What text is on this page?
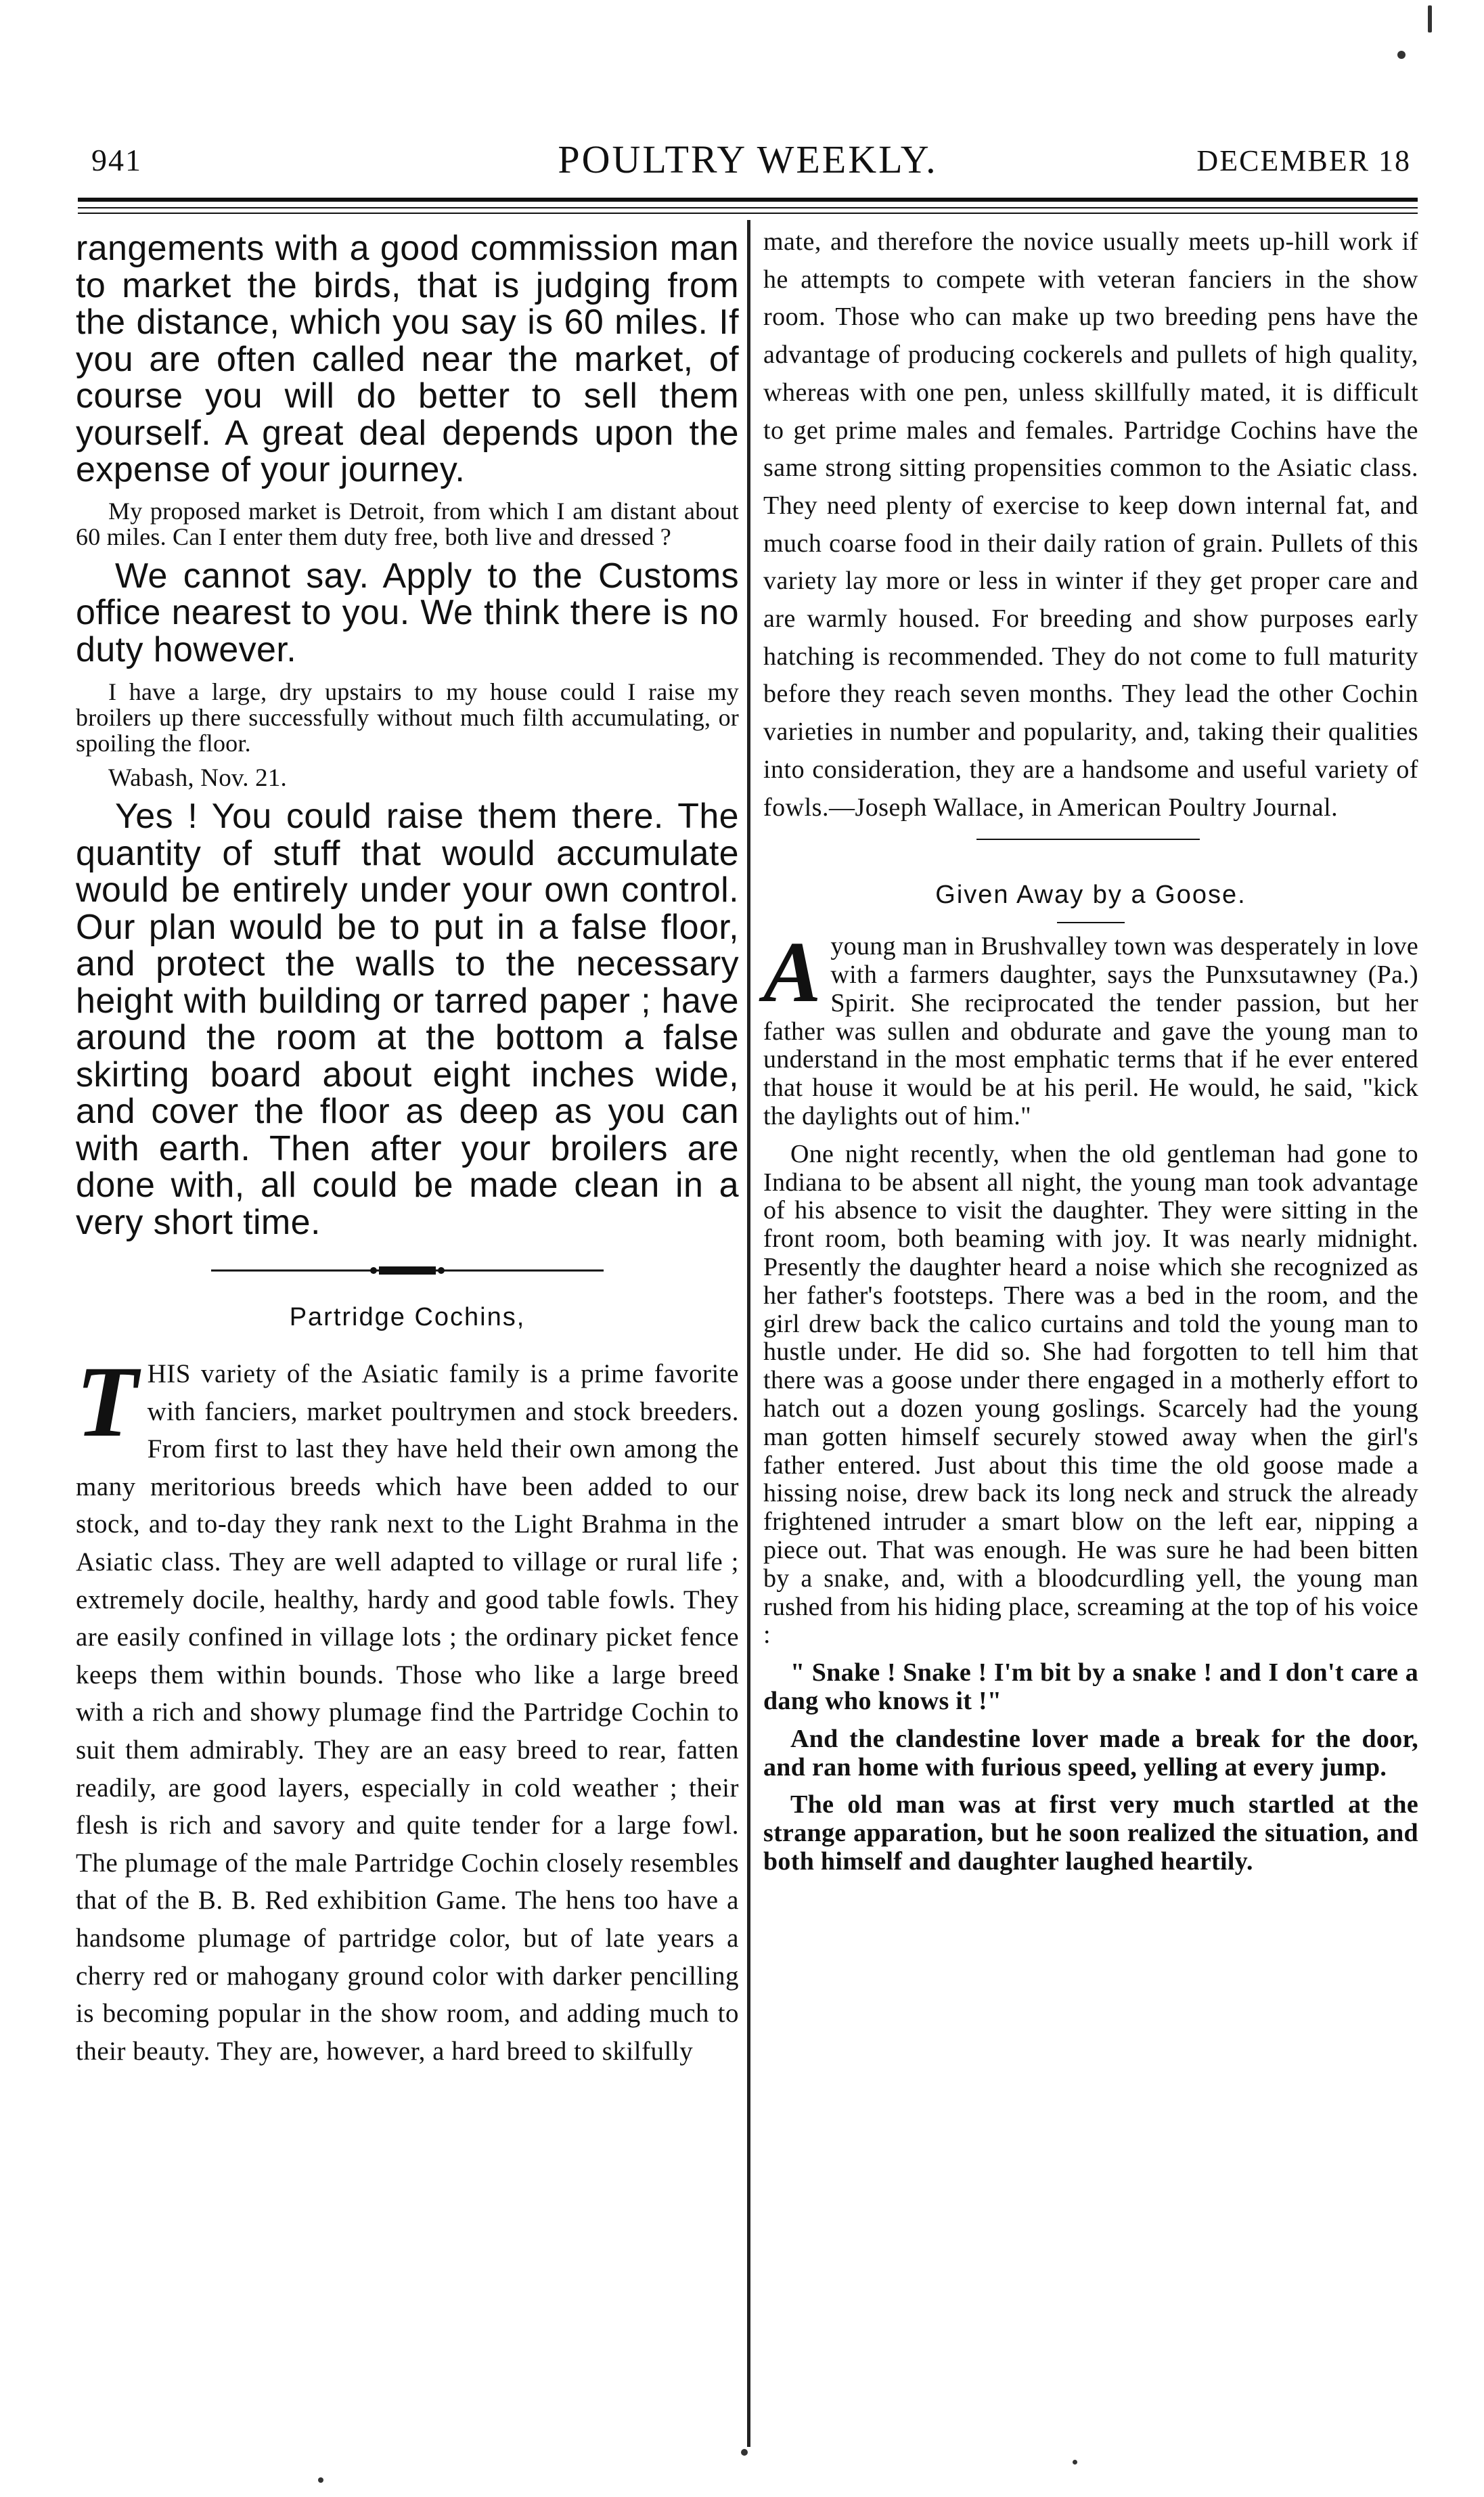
941	POULTRY WEEKLY.	DECEMBER 18

rangements with a good commission man to market the birds, that is judging from the distance, which you say is 60 miles. If you are often called near the market, of course you will do better to sell them yourself. A great deal depends upon the expense of your journey.

My proposed market is Detroit, from which I am distant about 60 miles. Can I enter them duty free, both live and dressed ?

We cannot say. Apply to the Customs office nearest to you. We think there is no duty however.

I have a large, dry upstairs to my house could I raise my broilers up there successfully without much filth accumulating, or spoiling the floor.

Wabash, Nov. 21.

Yes ! You could raise them there. The quantity of stuff that would accumulate would be entirely under your own control. Our plan would be to put in a false floor, and protect the walls to the necessary height with building or tarred paper ; have around the room at the bottom a false skirting board about eight inches wide, and cover the floor as deep as you can with earth. Then after your broilers are done with, all could be made clean in a very short time.

Partridge Cochins,

T HIS variety of the Asiatic family is a prime favorite with fanciers, market poultrymen and stock breeders. From first to last they have held their own among the many meritorious breeds which have been added to our stock, and to-day they rank next to the Light Brahma in the Asiatic class. They are well adapted to village or rural life ; extremely docile, healthy, hardy and good table fowls. They are easily confined in village lots ; the ordinary picket fence keeps them within bounds. Those who like a large breed with a rich and showy plumage find the Partridge Cochin to suit them admirably. They are an easy breed to rear, fatten readily, are good layers, especially in cold weather ; their flesh is rich and savory and quite tender for a large fowl. The plumage of the male Partridge Cochin closely resembles that of the B. B. Red exhibition Game. The hens too have a handsome plumage of partridge color, but of late years a cherry red or mahogany ground color with darker pencilling is becoming popular in the show room, and adding much to their beauty. They are, however, a hard breed to skilfully

mate, and therefore the novice usually meets up-hill work if he attempts to compete with veteran fanciers in the show room. Those who can make up two breeding pens have the advantage of producing cockerels and pullets of high quality, whereas with one pen, unless skillfully mated, it is difficult to get prime males and females. Partridge Cochins have the same strong sitting propensities common to the Asiatic class. They need plenty of exercise to keep down internal fat, and much coarse food in their daily ration of grain. Pullets of this variety lay more or less in winter if they get proper care and are warmly housed. For breeding and show purposes early hatching is recommended. They do not come to full maturity before they reach seven months. They lead the other Cochin varieties in number and popularity, and, taking their qualities into consideration, they are a handsome and useful variety of fowls.—Joseph Wallace, in American Poultry Journal.

Given Away by a Goose.

A young man in Brushvalley town was desperately in love with a farmers daughter, says the Punxsutawney (Pa.) Spirit. She reciprocated the tender passion, but her father was sullen and obdurate and gave the young man to understand in the most emphatic terms that if he ever entered that house it would be at his peril. He would, he said, "kick the daylights out of him."

One night recently, when the old gentleman had gone to Indiana to be absent all night, the young man took advantage of his absence to visit the daughter. They were sitting in the front room, both beaming with joy. It was nearly midnight. Presently the daughter heard a noise which she recognized as her father's footsteps. There was a bed in the room, and the girl drew back the calico curtains and told the young man to hustle under. He did so. She had forgotten to tell him that there was a goose under there engaged in a motherly effort to hatch out a dozen young goslings. Scarcely had the young man gotten himself securely stowed away when the girl's father entered. Just about this time the old goose made a hissing noise, drew back its long neck and struck the already frightened intruder a smart blow on the left ear, nipping a piece out. That was enough. He was sure he had been bitten by a snake, and, with a bloodcurdling yell, the young man rushed from his hiding place, screaming at the top of his voice :

" Snake ! Snake ! I'm bit by a snake ! and I don't care a dang who knows it !"

And the clandestine lover made a break for the door, and ran home with furious speed, yelling at every jump.

The old man was at first very much startled at the strange apparation, but he soon realized the situation, and both himself and daughter laughed heartily.
